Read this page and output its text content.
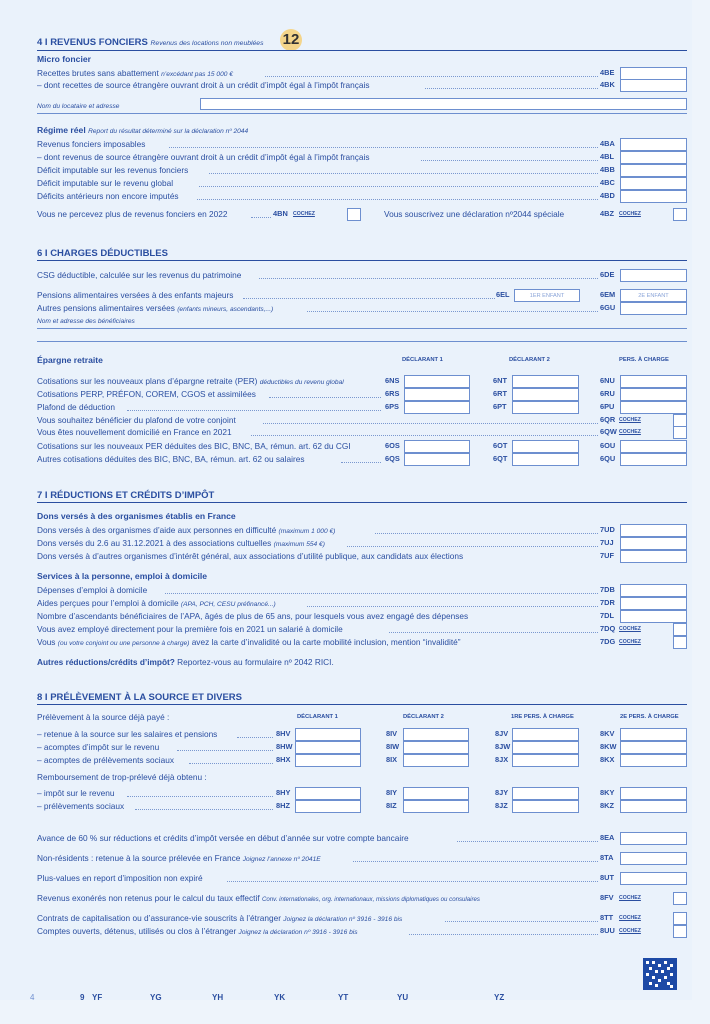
12
4 I REVENUS FONCIERS Revenus des locations non meublées
Micro foncier
Recettes brutes sans abattement n’excédant pas 15 000 €	4BE
– dont recettes de source étrangère ouvrant droit à un crédit d’impôt égal à l’impôt français	4BK
Nom du locataire et adresse
Régime réel Report du résultat déterminé sur la déclaration nº 2044
Revenus fonciers imposables	4BA
– dont revenus de source étrangère ouvrant droit à un crédit d’impôt égal à l’impôt français	4BL
Déficit imputable sur les revenus fonciers	4BB
Déficit imputable sur le revenu global	4BC
Déficits antérieurs non encore imputés	4BD
Vous ne percevez plus de revenus fonciers en 2022	4BN COCHEZ	Vous souscrivez une déclaration nº2044 spéciale	4BZ COCHEZ
6 I CHARGES DÉDUCTIBLES
CSG déductible, calculée sur les revenus du patrimoine	6DE
Pensions alimentaires versées à des enfants majeurs	6EL	1ER ENFANT	6EM	2E ENFANT
Autres pensions alimentaires versées (enfants mineurs, ascendants,...)	6GU
Nom et adresse des bénéficiaires
Épargne retraite	DÉCLARANT 1	DÉCLARANT 2	PERS. À CHARGE
Cotisations sur les nouveaux plans d’épargne retraite (PER) déductibles du revenu global	6NS	6NT	6NU
Cotisations PERP, PRÉFON, COREM, CGOS et assimilées	6RS	6RT	6RU
Plafond de déduction	6PS	6PT	6PU
Vous souhaitez bénéficier du plafond de votre conjoint	6QR COCHEZ
Vous êtes nouvellement domicilié en France en 2021	6QW COCHEZ
Cotisations sur les nouveaux PER déduites des BIC, BNC, BA, rémun. art. 62 du CGI	6OS	6OT	6OU
Autres cotisations déduites des BIC, BNC, BA, rémun. art. 62 ou salaires	6QS	6QT	6QU
7 I RÉDUCTIONS ET CRÉDITS D’IMPÔT
Dons versés à des organismes établis en France
Dons versés à des organismes d’aide aux personnes en difficulté (maximum 1 000 €)	7UD
Dons versés du 2.6 au 31.12.2021 à des associations cultuelles (maximum 554 €)	7UJ
Dons versés à d’autres organismes d’intérêt général, aux associations d’utilité publique, aux candidats aux élections	7UF
Services à la personne, emploi à domicile
Dépenses d’emploi à domicile	7DB
Aides perçues pour l’emploi à domicile (APA, PCH, CESU préfinancé...)	7DR
Nombre d’ascendants bénéficiaires de l’APA, âgés de plus de 65 ans, pour lesquels vous avez engagé des dépenses	7DL
Vous avez employé directement pour la première fois en 2021 un salarié à domicile	7DQ COCHEZ
Vous (ou votre conjoint ou une personne à charge) avez la carte d’invalidité ou la carte mobilité inclusion, mention “invalidité”	7DG COCHEZ
Autres réductions/crédits d’impôt? Reportez-vous au formulaire nº 2042 RICI.
8 I PRÉLÈVEMENT À LA SOURCE ET DIVERS
Prélèvement à la source déjà payé :	DÉCLARANT 1	DÉCLARANT 2	1RE PERS. À CHARGE	2E PERS. À CHARGE
– retenue à la source sur les salaires et pensions	8HV	8IV	8JV	8KV
– acomptes d’impôt sur le revenu	8HW	8IW	8JW	8KW
– acomptes de prélèvements sociaux	8HX	8IX	8JX	8KX
Remboursement de trop-prélevé déjà obtenu :
– impôt sur le revenu	8HY	8IY	8JY	8KY
– prélèvements sociaux	8HZ	8IZ	8JZ	8KZ
Avance de 60 % sur réductions et crédits d’impôt versée en début d’année sur votre compte bancaire	8EA
Non-résidents : retenue à la source prélevée en France Joignez l’annexe nº 2041E	8TA
Plus-values en report d’imposition non expiré	8UT
Revenus exonérés non retenus pour le calcul du taux effectif Conv. internationales, org. internationaux, missions diplomatiques ou consulaires	8FV COCHEZ
Contrats de capitalisation ou d’assurance-vie souscrits à l’étranger Joignez la déclaration nº 3916 - 3916 bis	8TT COCHEZ
Comptes ouverts, détenus, utilisés ou clos à l’étranger Joignez la déclaration nº 3916 - 3916 bis	8UU COCHEZ
4	9 YF	YG	YH	YK	YT	YU	YZ
